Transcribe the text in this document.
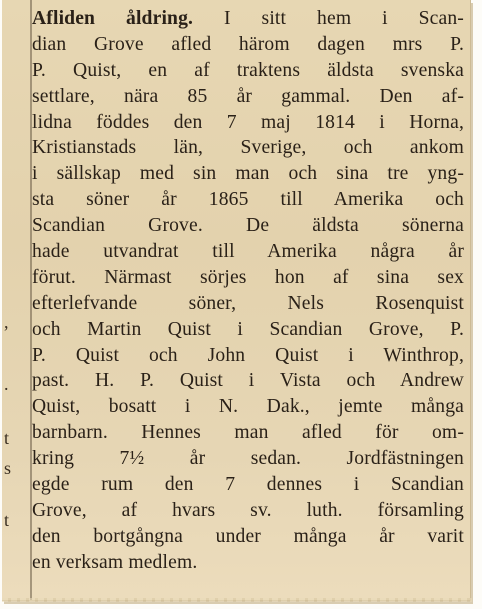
,
.
t
s
t
Afliden åldring. I sitt hem i Scan-
dian Grove afled härom dagen mrs P.
P. Quist, en af traktens äldsta svenska
settlare, nära 85 år gammal. Den af-
lidna föddes den 7 maj 1814 i Horna,
Kristianstads län, Sverige, och ankom
i sällskap med sin man och sina tre yng-
sta söner år 1865 till Amerika och
Scandian Grove. De äldsta sönerna
hade utvandrat till Amerika några år
förut. Närmast sörjes hon af sina sex
efterlefvande söner, Nels Rosenquist
och Martin Quist i Scandian Grove, P.
P. Quist och John Quist i Winthrop,
past. H. P. Quist i Vista och Andrew
Quist, bosatt i N. Dak., jemte många
barnbarn. Hennes man afled för om-
kring 7½ år sedan. Jordfästningen
egde rum den 7 dennes i Scandian
Grove, af hvars sv. luth. församling
den bortgångna under många år varit
en verksam medlem.
